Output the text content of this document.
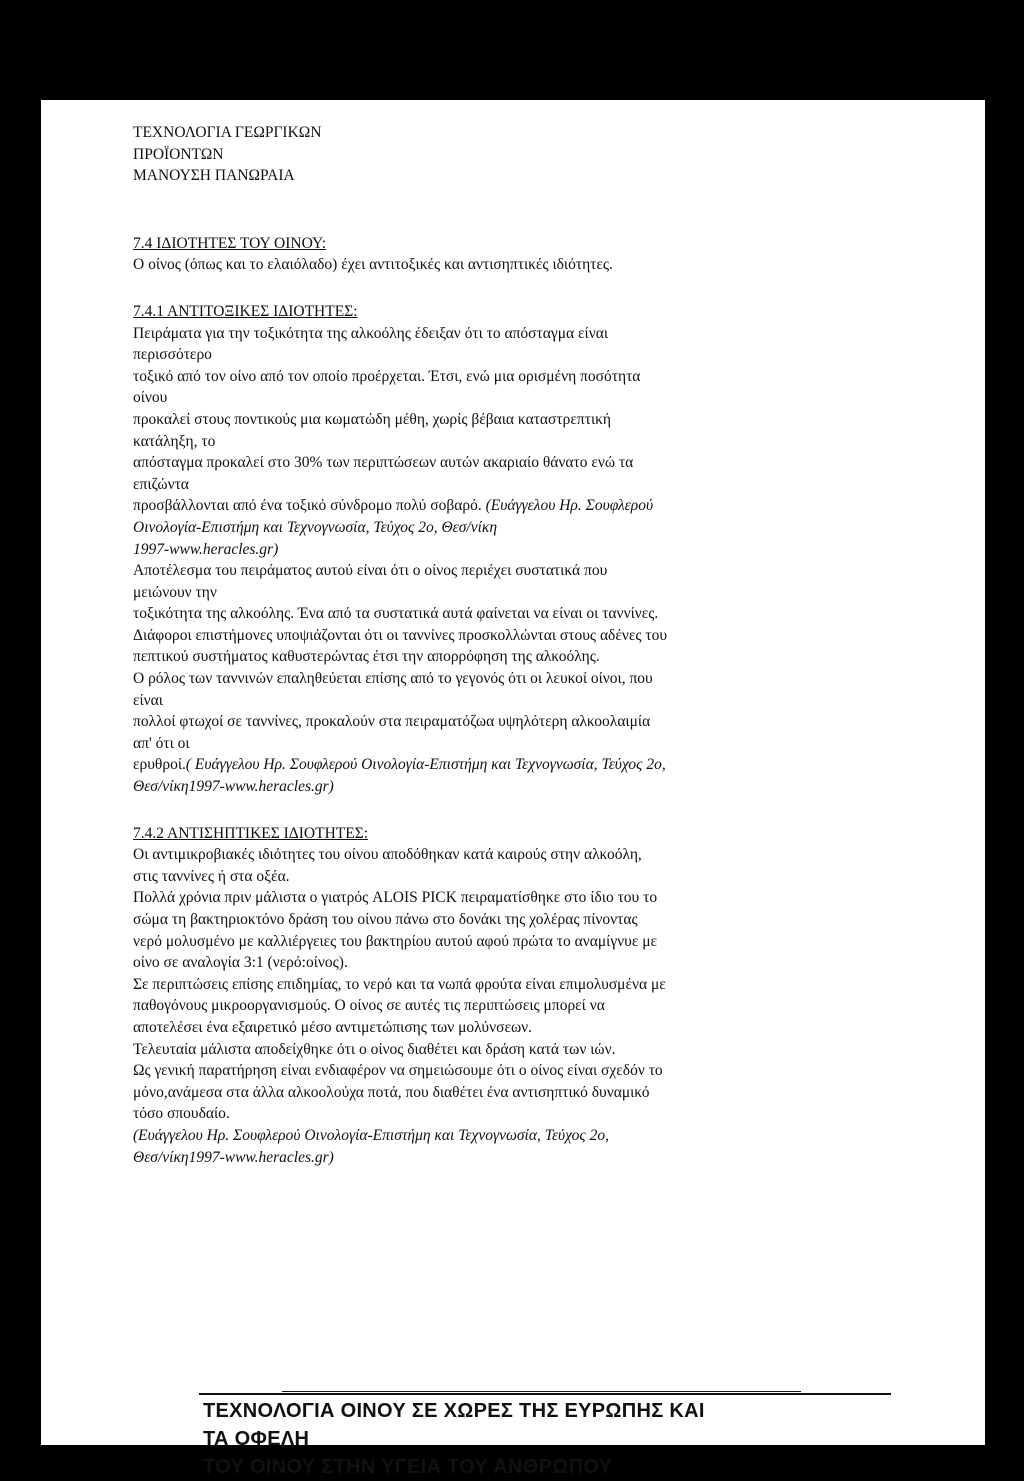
ΤΕΧΝΟΛΟΓΙΑ ΓΕΩΡΓΙΚΩΝ
ΠΡΟΪΟΝΤΩΝ
ΜΑΝΟΥΣΗ ΠΑΝΩΡΑΙΑ
7.4 ΙΔΙΟΤΗΤΕΣ ΤΟΥ ΟΙΝΟΥ:
Ο οίνος (όπως και το ελαιόλαδο) έχει αντιτοξικές και αντισηπτικές ιδιότητες.
7.4.1 ΑΝΤΙΤΟΞΙΚΕΣ ΙΔΙΟΤΗΤΕΣ:
Πειράματα για την τοξικότητα της αλκοόλης έδειξαν ότι το απόσταγμα είναι
περισσότερο
τοξικό από τον οίνο από τον οποίο προέρχεται. Έτσι, ενώ μια ορισμένη ποσότητα
οίνου
προκαλεί στους ποντικούς μια κωματώδη μέθη, χωρίς βέβαια καταστρεπτική
κατάληξη, το
απόσταγμα προκαλεί στο 30% των περιπτώσεων αυτών ακαριαίο θάνατο ενώ τα
επιζώντα
προσβάλλονται από ένα τοξικό σύνδρομο πολύ σοβαρό. (Ευάγγελου Ηρ. Σουφλερού
Οινολογία-Επιστήμη και Τεχνογνωσία, Τεύχος 2ο, Θεσ/νίκη
1997-www.heracles.gr)
Αποτέλεσμα του πειράματος αυτού είναι ότι ο οίνος περιέχει συστατικά που
μειώνουν την
τοξικότητα της αλκοόλης. Ένα από τα συστατικά αυτά φαίνεται να είναι οι ταννίνες.
Διάφοροι επιστήμονες υποψιάζονται ότι οι ταννίνες προσκολλώνται στους αδένες του
πεπτικού συστήματος καθυστερώντας έτσι την απορρόφηση της αλκοόλης.
Ο ρόλος των ταννινών επαληθεύεται επίσης από το γεγονός ότι οι λευκοί οίνοι, που
είναι
πολλοί φτωχοί σε ταννίνες, προκαλούν στα πειραματόζωα υψηλότερη αλκοολαιμία
απ' ότι οι
ερυθροί.( Ευάγγελου Ηρ. Σουφλερού Οινολογία-Επιστήμη και Τεχνογνωσία, Τεύχος 2ο,
Θεσ/νίκη1997-www.heracles.gr)
7.4.2 ΑΝΤΙΣΗΠΤΙΚΕΣ ΙΔΙΟΤΗΤΕΣ:
Οι αντιμικροβιακές ιδιότητες του οίνου αποδόθηκαν κατά καιρούς στην αλκοόλη,
στις ταννίνες ή στα οξέα.
Πολλά χρόνια πριν μάλιστα ο γιατρός ALOIS PICK πειραματίσθηκε στο ίδιο του το
σώμα τη βακτηριοκτόνο δράση του οίνου πάνω στο δονάκι της χολέρας πίνοντας
νερό μολυσμένο με καλλιέργειες του βακτηρίου αυτού αφού πρώτα το αναμίγνυε με
οίνο σε αναλογία 3:1 (νερό:οίνος).
Σε περιπτώσεις επίσης επιδημίας, το νερό και τα νωπά φρούτα είναι επιμολυσμένα με
παθογόνους μικροοργανισμούς. Ο οίνος σε αυτές τις περιπτώσεις μπορεί να
αποτελέσει ένα εξαιρετικό μέσο αντιμετώπισης των μολύνσεων.
Τελευταία μάλιστα αποδείχθηκε ότι ο οίνος διαθέτει και δράση κατά των ιών.
Ως γενική παρατήρηση είναι ενδιαφέρον να σημειώσουμε ότι ο οίνος είναι σχεδόν το
μόνο,ανάμεσα στα άλλα αλκοολούχα ποτά, που διαθέτει ένα αντισηπτικό δυναμικό
τόσο σπουδαίο.
(Ευάγγελου Ηρ. Σουφλερού Οινολογία-Επιστήμη και Τεχνογνωσία, Τεύχος 2ο,
Θεσ/νίκη1997-www.heracles.gr)
ΤΕΧΝΟΛΟΓΙΑ ΟΙΝΟΥ ΣΕ ΧΩΡΕΣ ΤΗΣ ΕΥΡΩΠΗΣ ΚΑΙ
ΤΑ ΟΦΕΛΗ
ΤΟΥ ΟΙΝΟΥ ΣΤΗΝ ΥΓΕΙΑ ΤΟΥ ΑΝΘΡΩΠΟΥ
